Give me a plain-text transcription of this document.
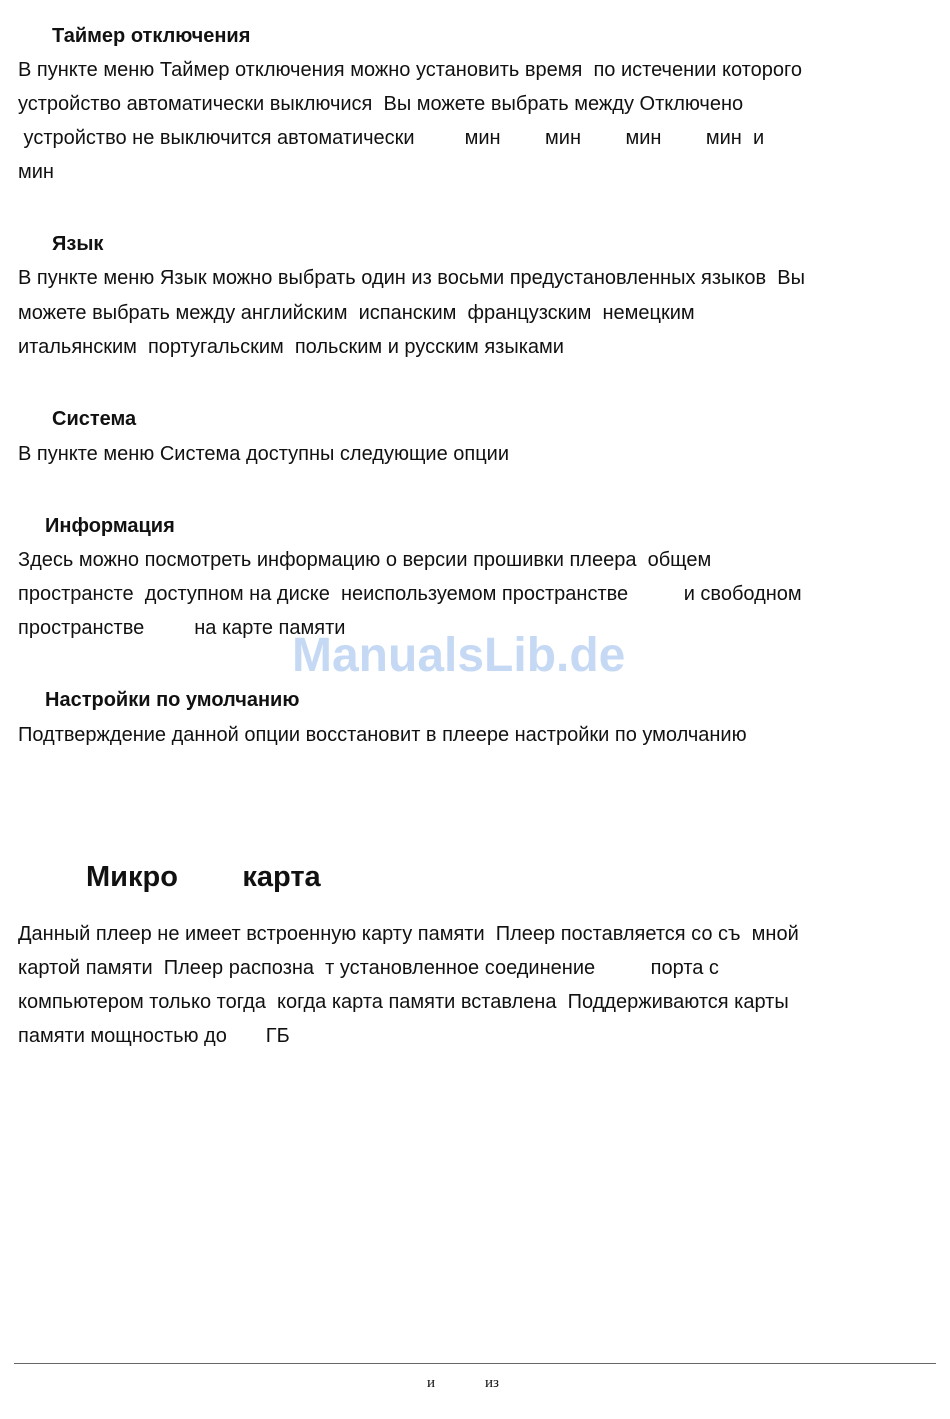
Таймер отключения
В пункте меню Таймер отключения можно установить время  по истечении которого
устройство автоматически выключися  Вы можете выбрать между Отключено
устройство не выключится автоматически         мин        мин        мин        мин  и
мин
Язык
В пункте меню Язык можно выбрать один из восьми предустановленных языков  Вы
можете выбрать между английским  испанским  французским  немецким
итальянским  португальским  польским и русским языками
Система
В пункте меню Система доступны следующие опции
Информация
Здесь можно посмотреть информацию о версии прошивки плеера  общем
пространсте  доступном на диске  неиспользуемом пространстве          и свободном
пространстве         на карте памяти
ManualsLib.de
Настройки по умолчанию
Подтверждение данной опции восстановит в плеере настройки по умолчанию
Микро        карта
Данный плеер не имеет встроенную карту памяти  Плеер поставляется со съ  мной
картой памяти  Плеер распозна  т установленное соединение          порта с
компьютером только тогда  когда карта памяти вставлена  Поддерживаются карты
памяти мощностью до       ГБ
и	из
